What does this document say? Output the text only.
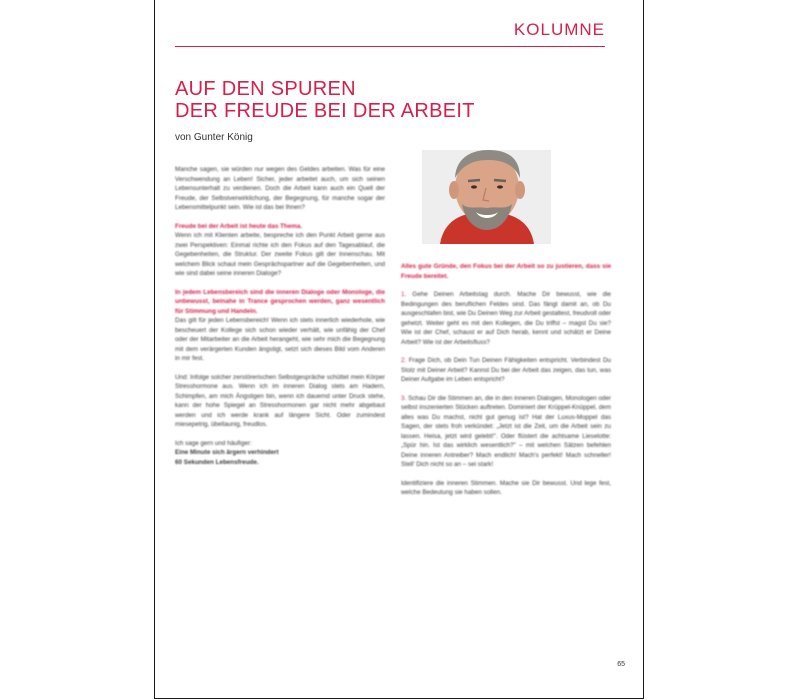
KOLUMNE
AUF DEN SPUREN
DER FREUDE BEI DER ARBEIT
von Gunter König

Manche sagen, sie würden nur wegen des Geldes arbeiten. Was für eine Verschwendung an Leben! Sicher, jeder arbeitet auch, um sich seinen Lebensunterhalt zu verdienen. Doch die Arbeit kann auch ein Quell der Freude, der Selbstverwirklichung, der Begegnung, für manche sogar der Lebensmittelpunkt sein. Wie ist das bei Ihnen?

Freude bei der Arbeit ist heute das Thema.
Wenn ich mit Klienten arbeite, bespreche ich den Punkt Arbeit gerne aus zwei Perspektiven: Einmal richte ich den Fokus auf den Tagesablauf, die Gegebenheiten, die Struktur. Der zweite Fokus gilt der Innenschau. Mit welchem Blick schaut mein Gesprächspartner auf die Gegebenheiten, und wie sind dabei seine inneren Dialoge?

In jedem Lebensbereich sind die inneren Dialoge oder Monologe, die unbewusst, beinahe in Trance gesprochen werden, ganz wesentlich für Stimmung und Handeln.

Das gilt für jeden Lebensbereich! Wenn ich stets innerlich wiederhole, wie bescheuert der Kollege sich schon wieder verhält, wie unfähig der Chef oder der Mitarbeiter an die Arbeit herangeht, wie sehr mich die Begegnung mit dem verärgerten Kunden ängstigt, setzt sich dieses Bild vom Anderen in mir fest.

Und: Infolge solcher zerstörerischen Selbstgespräche schüttet mein Körper Stresshormone aus. Wenn ich im inneren Dialog stets am Hadern, Schimpfen, am mich Ängstigen bin, wenn ich dauernd unter Druck stehe, kann der hohe Spiegel an Stresshormonen gar nicht mehr abgebaut werden und ich werde krank auf längere Sicht. Oder zumindest miesepetrig, übellaunig, freudlos.

Ich sage gern und häufiger:
Eine Minute sich ärgern verhindert
60 Sekunden Lebensfreude.

Alles gute Gründe, den Fokus bei der Arbeit so zu justieren, dass sie Freude bereitet.

1. Gehe Deinen Arbeitstag durch. Mache Dir bewusst, wie die Bedingungen des beruflichen Feldes sind. Das fängt damit an, ob Du ausgeschlafen bist, wie Du Deinen Weg zur Arbeit gestaltest, freudvoll oder gehetzt. Weiter geht es mit den Kollegen, die Du triffst – magst Du sie? Wie ist der Chef, schaust er auf Dich herab, kennt und schätzt er Deine Arbeit? Wie ist der Arbeitsfluss?

2. Frage Dich, ob Dein Tun Deinen Fähigkeiten entspricht. Verbindest Du Stolz mit Deiner Arbeit? Kannst Du bei der Arbeit das zeigen, das tun, was Deiner Aufgabe im Leben entspricht?

3. Schau Dir die Stimmen an, die in den inneren Dialogen, Monologen oder selbst inszenierten Stücken auftreten. Dominiert der Krüppel-Knüppel, dem alles was Du machst, nicht gut genug ist? Hat der Luxus-Moppel das Sagen, der stets froh verkündet: „Jetzt ist die Zeit, um die Arbeit sein zu lassen. Heisa, jetzt wird gelebt!". Oder flüstert die achtsame Lieselotte: „Spür hin. Ist das wirklich wesentlich?" – mit welchen Sätzen befehlen Deine inneren Antreiber? Mach endlich! Mach's perfekt! Mach schneller! Stell' Dich nicht so an – sei stark!

Identifiziere die inneren Stimmen. Mache sie Dir bewusst. Und lege fest, welche Bedeutung sie haben sollen.

65
